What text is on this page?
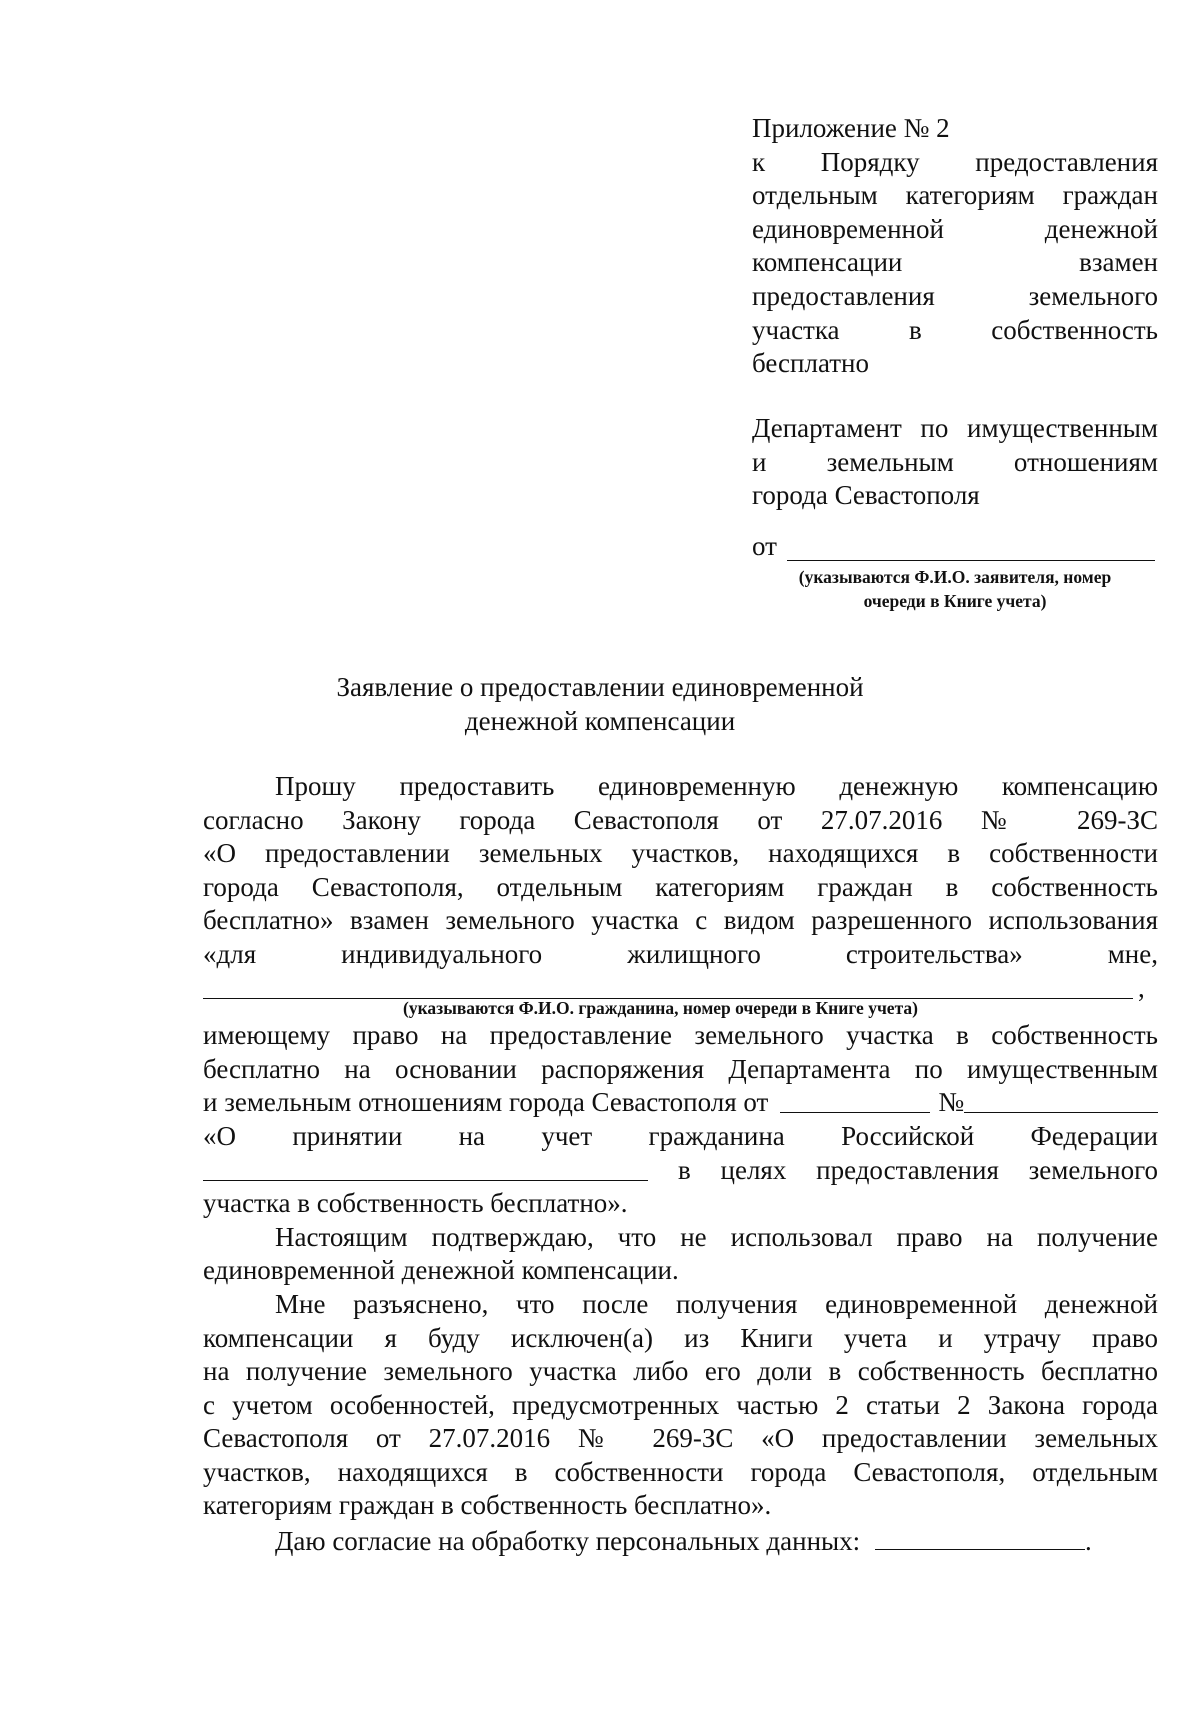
Приложение № 2
к Порядку предоставления
отдельным категориям граждан
единовременной денежной
компенсации взамен
предоставления земельного
участка в собственность
бесплатно
Департамент по имущественным
и земельным отношениям
города Севастополя
от
(указываются Ф.И.О. заявителя, номер
очереди в Книге учета)
Заявление о предоставлении единовременной
денежной компенсации
Прошу предоставить единовременную денежную компенсацию
согласно Закону города Севастополя от 27.07.2016 № 269-ЗС
«О предоставлении земельных участков, находящихся в собственности
города Севастополя, отдельным категориям граждан в собственность
бесплатно» взамен земельного участка с видом разрешенного использования
«для индивидуального жилищного строительства» мне,
,
(указываются Ф.И.О. гражданина, номер очереди в Книге учета)
имеющему право на предоставление земельного участка в собственность
бесплатно на основании распоряжения Департамента по имущественным
и земельным отношениям города Севастополя от	№
«О принятии на учет гражданина Российской Федерации
в целях предоставления земельного
участка в собственность бесплатно».
Настоящим подтверждаю, что не использовал право на получение
единовременной денежной компенсации.
Мне разъяснено, что после получения единовременной денежной
компенсации я буду исключен(а) из Книги учета и утрачу право
на получение земельного участка либо его доли в собственность бесплатно
с учетом особенностей, предусмотренных частью 2 статьи 2 Закона города
Севастополя от 27.07.2016 № 269-ЗС «О предоставлении земельных
участков, находящихся в собственности города Севастополя, отдельным
категориям граждан в собственность бесплатно».
Даю согласие на обработку персональных данных:	.
